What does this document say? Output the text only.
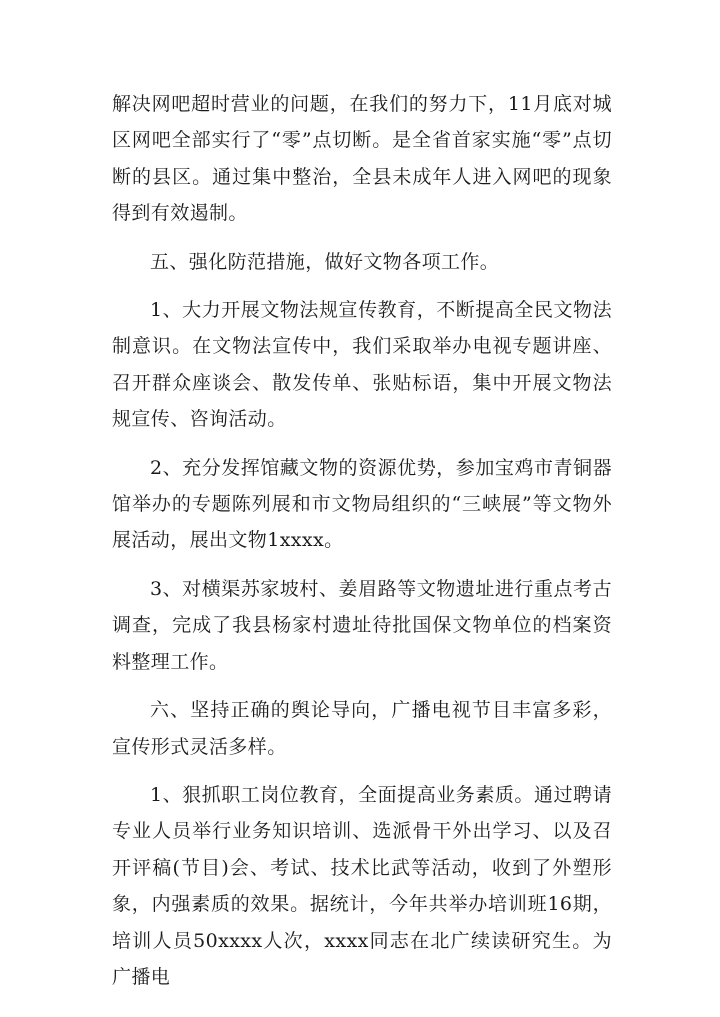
解决网吧超时营业的问题，在我们的努力下，11月底对城区网吧全部实行了“零”点切断。是全省首家实施“零”点切断的县区。通过集中整治，全县未成年人进入网吧的现象得到有效遏制。

五、强化防范措施，做好文物各项工作。

1、大力开展文物法规宣传教育，不断提高全民文物法制意识。在文物法宣传中，我们采取举办电视专题讲座、召开群众座谈会、散发传单、张贴标语，集中开展文物法规宣传、咨询活动。

2、充分发挥馆藏文物的资源优势，参加宝鸡市青铜器馆举办的专题陈列展和市文物局组织的“三峡展”等文物外展活动，展出文物1xxxx。

3、对横渠苏家坡村、姜眉路等文物遗址进行重点考古调查，完成了我县杨家村遗址待批国保文物单位的档案资料整理工作。

六、坚持正确的舆论导向，广播电视节目丰富多彩，宣传形式灵活多样。

1、狠抓职工岗位教育，全面提高业务素质。通过聘请专业人员举行业务知识培训、选派骨干外出学习、以及召开评稿(节目)会、考试、技术比武等活动，收到了外塑形象，内强素质的效果。据统计，今年共举办培训班16期，培训人员50xxxx人次，xxxx同志在北广续读研究生。为广播电
